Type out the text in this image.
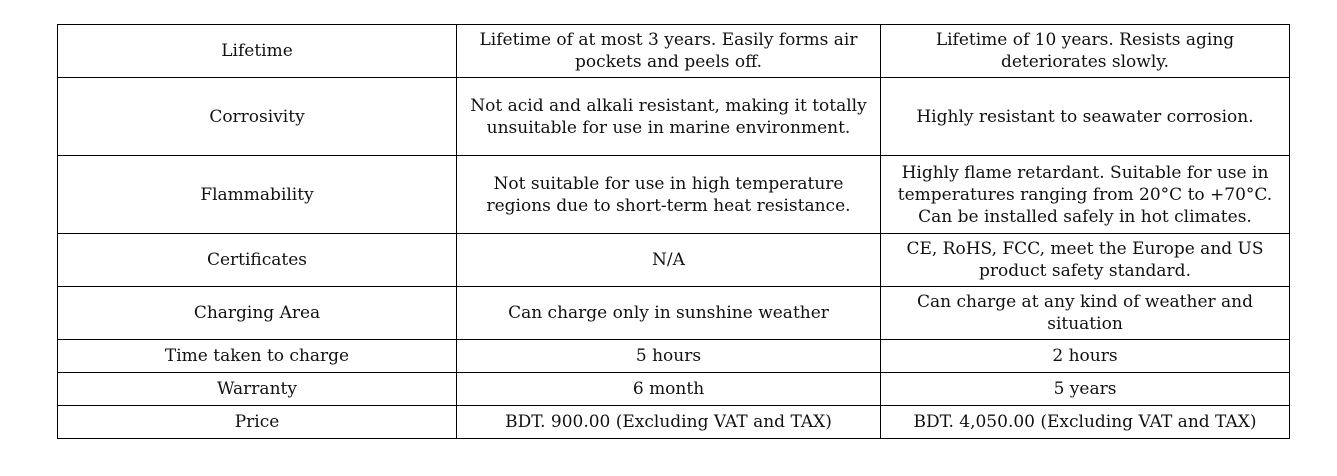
Lifetime	Lifetime of at most 3 years. Easily forms air pockets and peels off.	Lifetime of 10 years. Resists aging deteriorates slowly.
Corrosivity	Not acid and alkali resistant, making it totally unsuitable for use in marine environment.	Highly resistant to seawater corrosion.
Flammability	Not suitable for use in high temperature regions due to short-term heat resistance.	Highly flame retardant. Suitable for use in temperatures ranging from 20°C to +70°C. Can be installed safely in hot climates.
Certificates	N/A	CE, RoHS, FCC, meet the Europe and US product safety standard.
Charging Area	Can charge only in sunshine weather	Can charge at any kind of weather and situation
Time taken to charge	5 hours	2 hours
Warranty	6 month	5 years
Price	BDT. 900.00 (Excluding VAT and TAX)	BDT. 4,050.00 (Excluding VAT and TAX)
